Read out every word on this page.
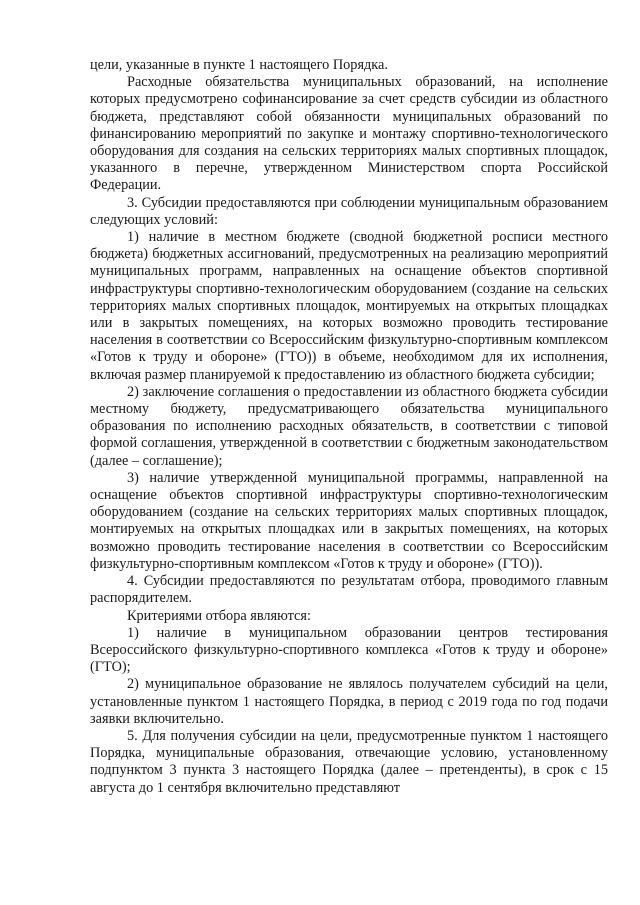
цели, указанные в пункте 1 настоящего Порядка.

Расходные обязательства муниципальных образований, на исполнение которых предусмотрено софинансирование за счет средств субсидии из областного бюджета, представляют собой обязанности муниципальных образований по финансированию мероприятий по закупке и монтажу спортивно-технологического оборудования для создания на сельских территориях малых спортивных площадок, указанного в перечне, утвержденном Министерством спорта Российской Федерации.

3. Субсидии предоставляются при соблюдении муниципальным образованием следующих условий:

1) наличие в местном бюджете (сводной бюджетной росписи местного бюджета) бюджетных ассигнований, предусмотренных на реализацию мероприятий муниципальных программ, направленных на оснащение объектов спортивной инфраструктуры спортивно-технологическим оборудованием (создание на сельских территориях малых спортивных площадок, монтируемых на открытых площадках или в закрытых помещениях, на которых возможно проводить тестирование населения в соответствии со Всероссийским физкультурно-спортивным комплексом «Готов к труду и обороне» (ГТО)) в объеме, необходимом для их исполнения, включая размер планируемой к предоставлению из областного бюджета субсидии;

2) заключение соглашения о предоставлении из областного бюджета субсидии местному бюджету, предусматривающего обязательства муниципального образования по исполнению расходных обязательств, в соответствии с типовой формой соглашения, утвержденной в соответствии с бюджетным законодательством (далее – соглашение);

3) наличие утвержденной муниципальной программы, направленной на оснащение объектов спортивной инфраструктуры спортивно-технологическим оборудованием (создание на сельских территориях малых спортивных площадок, монтируемых на открытых площадках или в закрытых помещениях, на которых возможно проводить тестирование населения в соответствии со Всероссийским физкультурно-спортивным комплексом «Готов к труду и обороне» (ГТО)).

4. Субсидии предоставляются по результатам отбора, проводимого главным распорядителем.

Критериями отбора являются:

1) наличие в муниципальном образовании центров тестирования Всероссийского физкультурно-спортивного комплекса «Готов к труду и обороне» (ГТО);

2) муниципальное образование не являлось получателем субсидий на цели, установленные пунктом 1 настоящего Порядка, в период с 2019 года по год подачи заявки включительно.

5. Для получения субсидии на цели, предусмотренные пунктом 1 настоящего Порядка, муниципальные образования, отвечающие условию, установленному подпунктом 3 пункта 3 настоящего Порядка (далее – претенденты), в срок с 15 августа до 1 сентября включительно представляют
